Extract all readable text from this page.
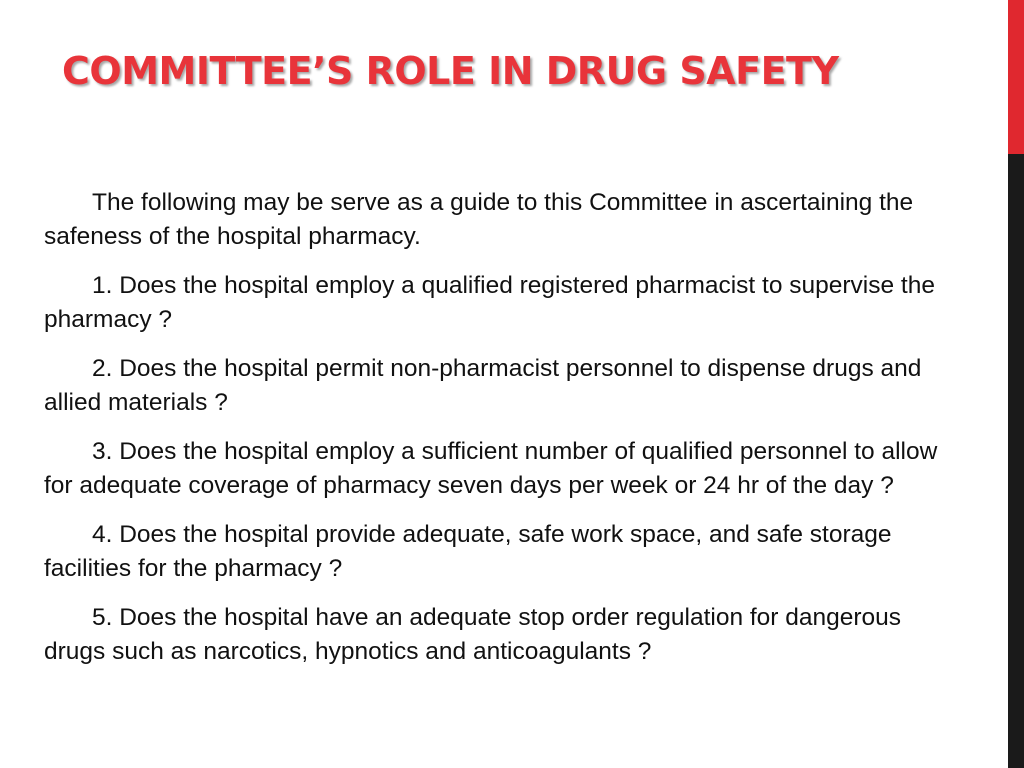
COMMITTEE’S ROLE IN DRUG SAFETY

The following may be serve as a guide to this Committee in ascertaining the safeness of the hospital pharmacy.

1. Does the hospital employ a qualified registered pharmacist to supervise the pharmacy ?

2. Does the hospital permit non-pharmacist personnel to dispense drugs and allied materials ?

3. Does the hospital employ a sufficient number of qualified personnel to allow for adequate coverage of pharmacy seven days per week or 24 hr of the day ?

4. Does the hospital provide adequate, safe work space, and safe storage facilities for the pharmacy ?

5. Does the hospital have an adequate stop order regulation for dangerous drugs such as narcotics, hypnotics and anticoagulants ?
